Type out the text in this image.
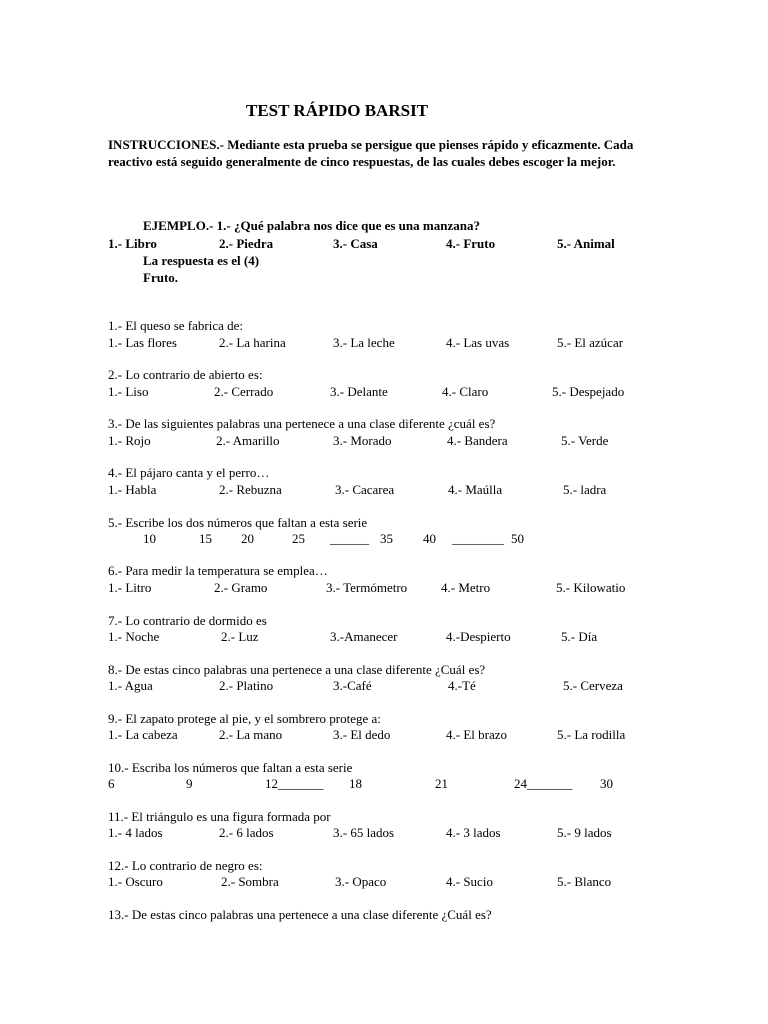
TEST RÁPIDO BARSIT
INSTRUCCIONES.- Mediante esta prueba se persigue que pienses rápido y eficazmente. Cada reactivo está seguido generalmente de cinco respuestas, de las cuales debes escoger la mejor.
EJEMPLO.- 1.- ¿Qué palabra nos dice que es una manzana?
1.- Libro	2.- Piedra	3.- Casa	4.- Fruto	5.- Animal
La respuesta es el (4)
Fruto.
1.- El queso se fabrica de:
1.- Las flores	2.- La harina	3.- La leche	4.- Las uvas	5.- El azúcar
2.- Lo contrario de abierto es:
1.- Liso	2.- Cerrado	3.- Delante	4.- Claro	5.- Despejado
3.- De las siguientes palabras una pertenece a una clase diferente ¿cuál es?
1.- Rojo	2.- Amarillo	3.- Morado	4.- Bandera	5.- Verde
4.- El pájaro canta y el perro…
1.- Habla	2.- Rebuzna	3.- Cacarea	4.- Maúlla	5.- ladra
5.- Escribe los dos números que faltan a esta serie
10	15 20	25 ______ 35 40 ________ 50
6.- Para medir la temperatura se emplea…
1.- Litro	2.- Gramo	3.- Termómetro	4.- Metro	5.- Kilowatio
7.- Lo contrario de dormido es
1.- Noche	2.- Luz	3.-Amanecer	4.-Despierto	5.- Día
8.- De estas cinco palabras una pertenece a una clase diferente ¿Cuál es?
1.- Agua	2.- Platino	3.-Café	4.-Té	5.- Cerveza
9.- El zapato protege al pie, y el sombrero protege a:
1.- La cabeza	2.- La mano	3.- El dedo	4.- El brazo	5.- La rodilla
10.- Escriba los números que faltan a esta serie
6	9	12_______ 18	21	24_______ 30
11.- El triángulo es una figura formada por
1.- 4 lados	2.- 6 lados	3.- 65 lados	4.- 3 lados	5.- 9 lados
12.- Lo contrario de negro es:
1.- Oscuro	2.- Sombra	3.- Opaco	4.- Sucio	5.- Blanco
13.- De estas cinco palabras una pertenece a una clase diferente ¿Cuál es?
